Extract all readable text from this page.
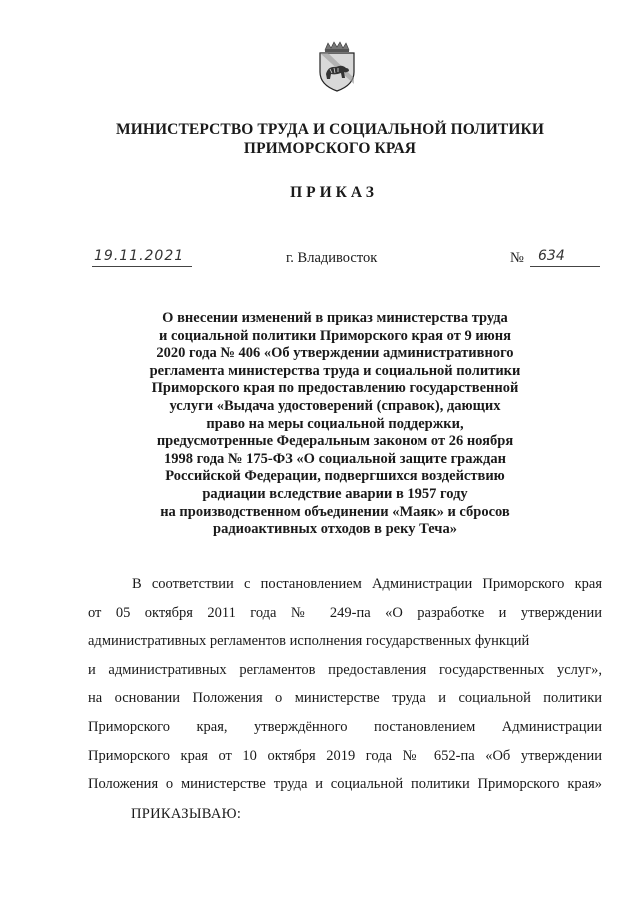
МИНИСТЕРСТВО ТРУДА И СОЦИАЛЬНОЙ ПОЛИТИКИ
ПРИМОРСКОГО КРАЯ
ПРИКАЗ
19.11.2021	г. Владивосток	№ 634
О внесении изменений в приказ министерства труда
и социальной политики Приморского края от 9 июня
2020 года № 406 «Об утверждении административного
регламента министерства труда и социальной политики
Приморского края по предоставлению государственной
услуги «Выдача удостоверений (справок), дающих
право на меры социальной поддержки,
предусмотренные Федеральным законом от 26 ноября
1998 года № 175-ФЗ «О социальной защите граждан
Российской Федерации, подвергшихся воздействию
радиации вследствие аварии в 1957 году
на производственном объединении «Маяк» и сбросов
радиоактивных отходов в реку Теча»
В соответствии с постановлением Администрации Приморского края
от 05 октября 2011 года № 249-па «О разработке и утверждении
административных регламентов исполнения государственных функций
и административных регламентов предоставления государственных услуг»,
на основании Положения о министерстве труда и социальной политики
Приморского края, утверждённого постановлением Администрации
Приморского края от 10 октября 2019 года № 652-па «Об утверждении
Положения о министерстве труда и социальной политики Приморского края»
ПРИКАЗЫВАЮ:
